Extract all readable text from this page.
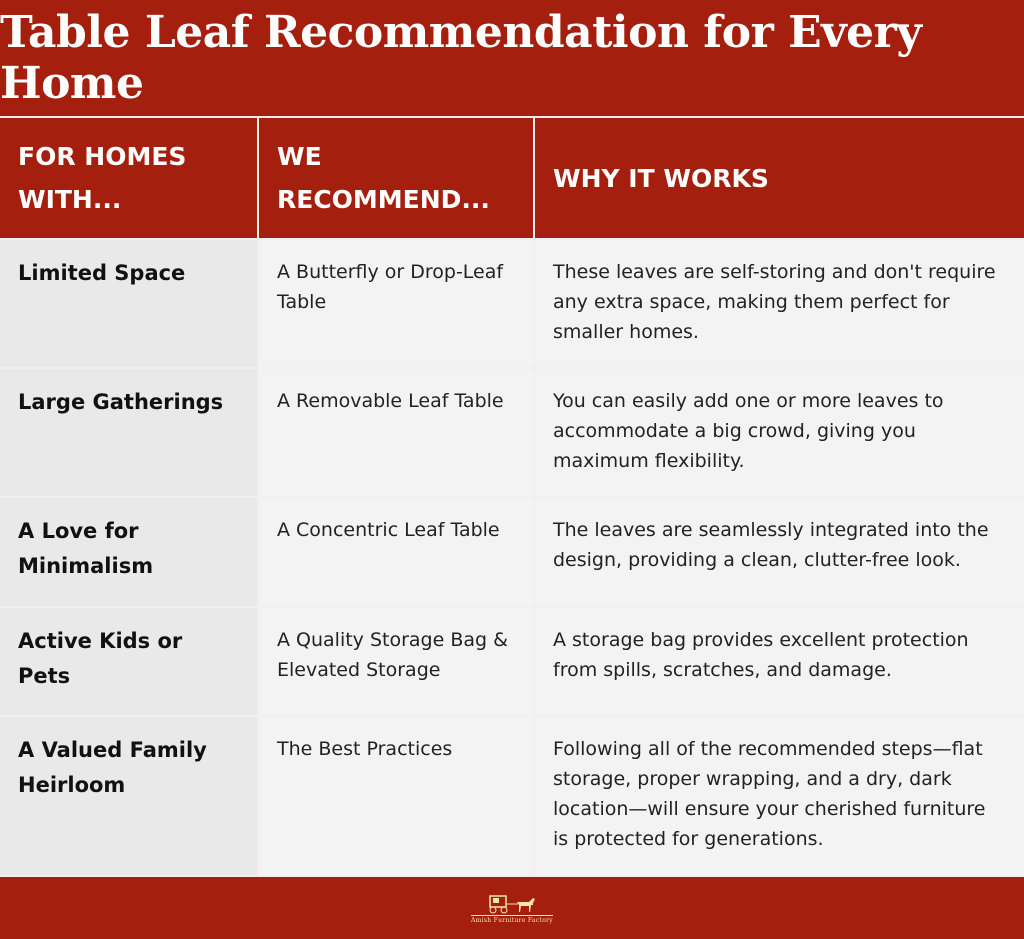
Table Leaf Recommendation for Every Home
FOR HOMES WITH...	WE RECOMMEND...	WHY IT WORKS
Limited Space	A Butterfly or Drop-Leaf Table	These leaves are self-storing and don't require any extra space, making them perfect for smaller homes.
Large Gatherings	A Removable Leaf Table	You can easily add one or more leaves to accommodate a big crowd, giving you maximum flexibility.
A Love for Minimalism	A Concentric Leaf Table	The leaves are seamlessly integrated into the design, providing a clean, clutter-free look.
Active Kids or Pets	A Quality Storage Bag & Elevated Storage	A storage bag provides excellent protection from spills, scratches, and damage.
A Valued Family Heirloom	The Best Practices	Following all of the recommended steps—flat storage, proper wrapping, and a dry, dark location—will ensure your cherished furniture is protected for generations.
Amish Furniture Factory
